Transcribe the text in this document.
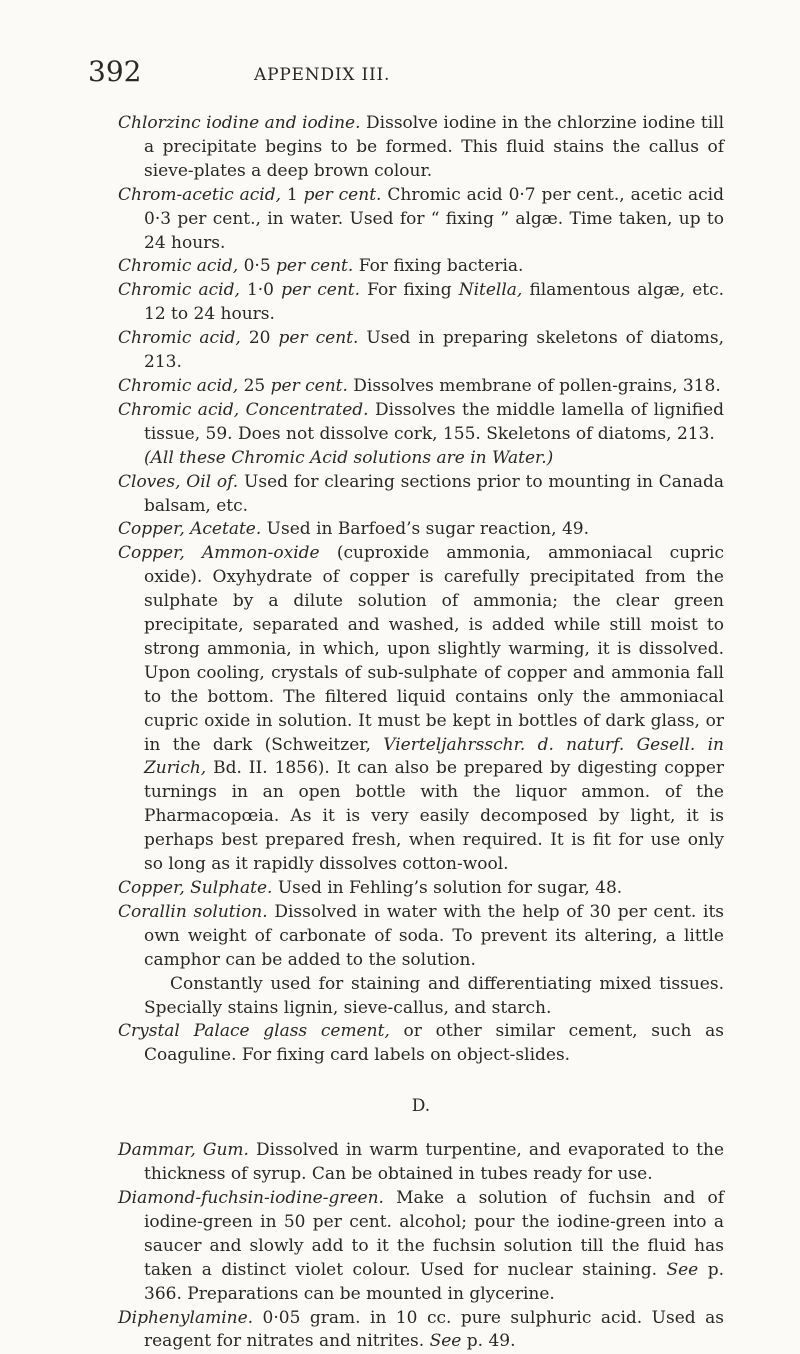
392	APPENDIX III.

Chlorzinc iodine and iodine. Dissolve iodine in the chlorzine iodine till a precipitate begins to be formed. This fluid stains the callus of sieve-plates a deep brown colour.

Chrom-acetic acid, 1 per cent. Chromic acid 0·7 per cent., acetic acid 0·3 per cent., in water. Used for “ fixing ” algæ. Time taken, up to 24 hours.

Chromic acid, 0·5 per cent. For fixing bacteria.

Chromic acid, 1·0 per cent. For fixing Nitella, filamentous algæ, etc. 12 to 24 hours.

Chromic acid, 20 per cent. Used in preparing skeletons of diatoms, 213.

Chromic acid, 25 per cent. Dissolves membrane of pollen-grains, 318.

Chromic acid, Concentrated. Dissolves the middle lamella of lignified tissue, 59. Does not dissolve cork, 155. Skeletons of diatoms, 213.

(All these Chromic Acid solutions are in Water.)

Cloves, Oil of. Used for clearing sections prior to mounting in Canada balsam, etc.

Copper, Acetate. Used in Barfoed’s sugar reaction, 49.

Copper, Ammon-oxide (cuproxide ammonia, ammoniacal cupric oxide). Oxyhydrate of copper is carefully precipitated from the sulphate by a dilute solution of ammonia; the clear green precipitate, separated and washed, is added while still moist to strong ammonia, in which, upon slightly warming, it is dissolved. Upon cooling, crystals of sub-sulphate of copper and ammonia fall to the bottom. The filtered liquid contains only the ammoniacal cupric oxide in solution. It must be kept in bottles of dark glass, or in the dark (Schweitzer, Vierteljahrsschr. d. naturf. Gesell. in Zurich, Bd. II. 1856). It can also be prepared by digesting copper turnings in an open bottle with the liquor ammon. of the Pharmacopœia. As it is very easily decomposed by light, it is perhaps best prepared fresh, when required. It is fit for use only so long as it rapidly dissolves cotton-wool.

Copper, Sulphate. Used in Fehling’s solution for sugar, 48.

Corallin solution. Dissolved in water with the help of 30 per cent. its own weight of carbonate of soda. To prevent its altering, a little camphor can be added to the solution.

Constantly used for staining and differentiating mixed tissues. Specially stains lignin, sieve-callus, and starch.

Crystal Palace glass cement, or other similar cement, such as Coaguline. For fixing card labels on object-slides.

D.

Dammar, Gum. Dissolved in warm turpentine, and evaporated to the thickness of syrup. Can be obtained in tubes ready for use.

Diamond-fuchsin-iodine-green. Make a solution of fuchsin and of iodine-green in 50 per cent. alcohol; pour the iodine-green into a saucer and slowly add to it the fuchsin solution till the fluid has taken a distinct violet colour. Used for nuclear staining. See p. 366. Preparations can be mounted in glycerine.

Diphenylamine. 0·05 gram. in 10 cc. pure sulphuric acid. Used as reagent for nitrates and nitrites. See p. 49.
